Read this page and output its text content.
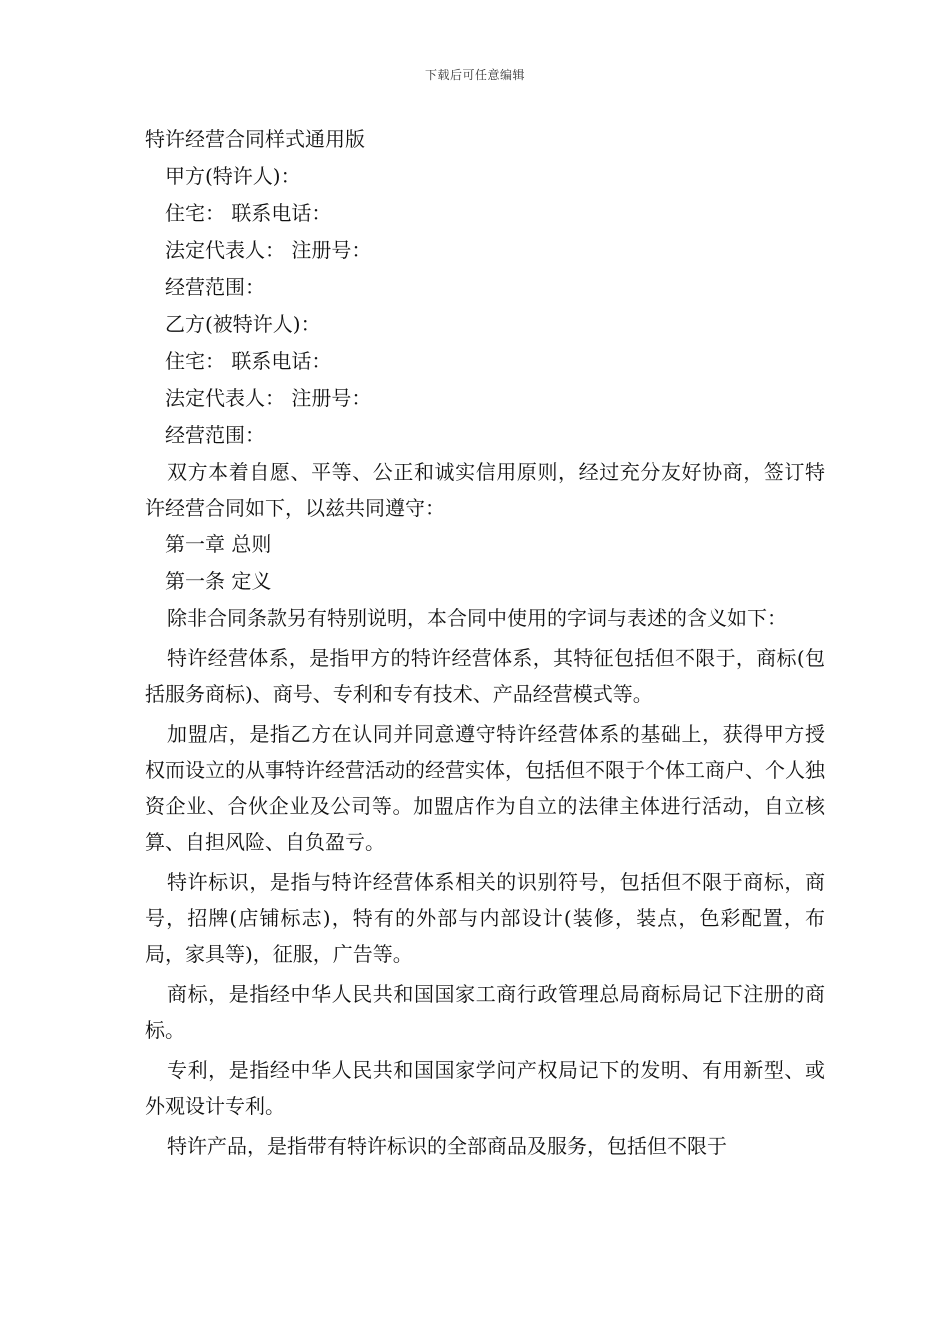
下载后可任意编辑

特许经营合同样式通用版

甲方(特许人)：

住宅： 联系电话：

法定代表人： 注册号：

经营范围：

乙方(被特许人)：

住宅： 联系电话：

法定代表人： 注册号：

经营范围：

双方本着自愿、平等、公正和诚实信用原则，经过充分友好协商，签订特许经营合同如下，以兹共同遵守：

第一章 总则

第一条 定义

除非合同条款另有特别说明，本合同中使用的字词与表述的含义如下：

特许经营体系，是指甲方的特许经营体系，其特征包括但不限于，商标(包括服务商标)、商号、专利和专有技术、产品经营模式等。

加盟店，是指乙方在认同并同意遵守特许经营体系的基础上，获得甲方授权而设立的从事特许经营活动的经营实体，包括但不限于个体工商户、个人独资企业、合伙企业及公司等。加盟店作为自立的法律主体进行活动，自立核算、自担风险、自负盈亏。

特许标识，是指与特许经营体系相关的识别符号，包括但不限于商标，商号，招牌(店铺标志)，特有的外部与内部设计(装修，装点，色彩配置，布局，家具等)，征服，广告等。

商标，是指经中华人民共和国国家工商行政管理总局商标局记下注册的商标。

专利，是指经中华人民共和国国家学问产权局记下的发明、有用新型、或外观设计专利。

特许产品，是指带有特许标识的全部商品及服务，包括但不限于
